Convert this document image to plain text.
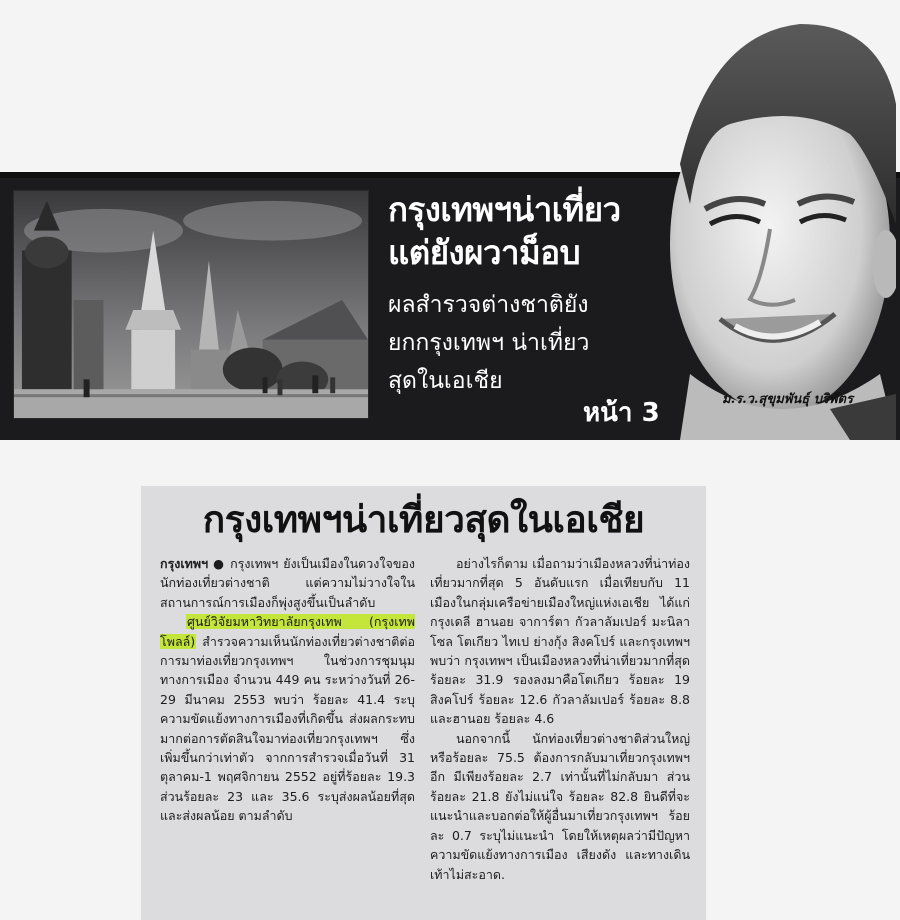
กรุงเทพฯน่าเที่ยว
แต่ยังผวาม็อบ
ผลสำรวจต่างชาติยัง
ยกกรุงเทพฯ น่าเที่ยว
สุดในเอเชีย
หน้า 3	ม.ร.ว.สุขุมพันธุ์ บริพัตร
กรุงเทพฯน่าเที่ยวสุดในเอเชีย

กรุงเทพฯ ● กรุงเทพฯ ยังเป็นเมืองในดวงใจของนักท่องเที่ยวต่างชาติ แต่ความไม่วางใจในสถานการณ์การเมืองก็พุ่งสูงขึ้นเป็นลำดับ

ศูนย์วิจัยมหาวิทยาลัยกรุงเทพ (กรุงเทพโพลล์) สำรวจความเห็นนักท่องเที่ยวต่างชาติต่อการมาท่องเที่ยวกรุงเทพฯ ในช่วงการชุมนุมทางการเมือง จำนวน 449 คน ระหว่างวันที่ 26-29 มีนาคม 2553 พบว่า ร้อยละ 41.4 ระบุความขัดแย้งทางการเมืองที่เกิดขึ้น ส่งผลกระทบมากต่อการตัดสินใจมาท่องเที่ยวกรุงเทพฯ ซึ่งเพิ่มขึ้นกว่าเท่าตัว จากการสำรวจเมื่อวันที่ 31 ตุลาคม-1 พฤศจิกายน 2552 อยู่ที่ร้อยละ 19.3 ส่วนร้อยละ 23 และ 35.6 ระบุส่งผลน้อยที่สุด และส่งผลน้อย ตามลำดับ

อย่างไรก็ตาม เมื่อถามว่าเมืองหลวงที่น่าท่องเที่ยวมากที่สุด 5 อันดับแรก เมื่อเทียบกับ 11 เมืองในกลุ่มเครือข่ายเมืองใหญ่แห่งเอเชีย ได้แก่ กรุงเดลี ฮานอย จาการ์ตา กัวลาลัมเปอร์ มะนิลา โซล โตเกียว ไทเป ย่างกุ้ง สิงคโปร์ และกรุงเทพฯ พบว่า กรุงเทพฯ เป็นเมืองหลวงที่น่าเที่ยวมากที่สุด ร้อยละ 31.9 รองลงมาคือโตเกียว ร้อยละ 19 สิงคโปร์ ร้อยละ 12.6 กัวลาลัมเปอร์ ร้อยละ 8.8 และฮานอย ร้อยละ 4.6

นอกจากนี้ นักท่องเที่ยวต่างชาติส่วนใหญ่ หรือร้อยละ 75.5 ต้องการกลับมาเที่ยวกรุงเทพฯ อีก มีเพียงร้อยละ 2.7 เท่านั้นที่ไม่กลับมา ส่วนร้อยละ 21.8 ยังไม่แน่ใจ ร้อยละ 82.8 ยินดีที่จะแนะนำและบอกต่อให้ผู้อื่นมาเที่ยวกรุงเทพฯ ร้อยละ 0.7 ระบุไม่แนะนำ โดยให้เหตุผลว่ามีปัญหาความขัดแย้งทางการเมือง เสียงดัง และทางเดินเท้าไม่สะอาด.
